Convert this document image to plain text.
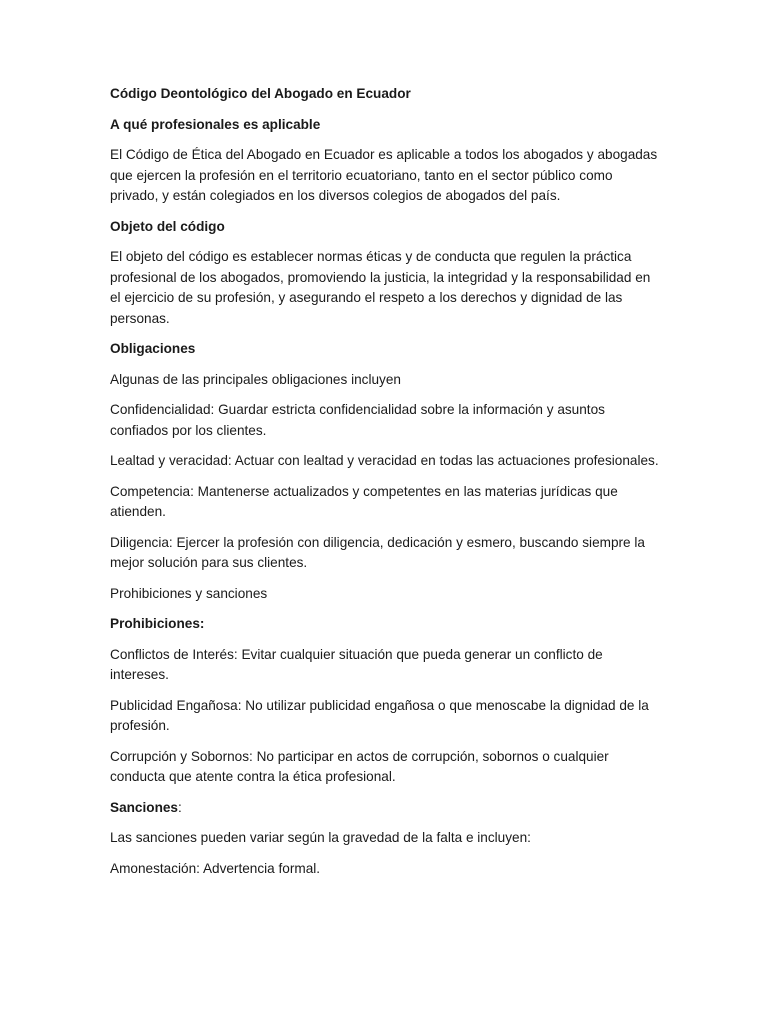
Código Deontológico del Abogado en Ecuador

A qué profesionales es aplicable

El Código de Ética del Abogado en Ecuador es aplicable a todos los abogados y abogadas que ejercen la profesión en el territorio ecuatoriano, tanto en el sector público como privado, y están colegiados en los diversos colegios de abogados del país.

Objeto del código

El objeto del código es establecer normas éticas y de conducta que regulen la práctica profesional de los abogados, promoviendo la justicia, la integridad y la responsabilidad en el ejercicio de su profesión, y asegurando el respeto a los derechos y dignidad de las personas.

Obligaciones

Algunas de las principales obligaciones incluyen

Confidencialidad: Guardar estricta confidencialidad sobre la información y asuntos confiados por los clientes.

Lealtad y veracidad: Actuar con lealtad y veracidad en todas las actuaciones profesionales.

Competencia: Mantenerse actualizados y competentes en las materias jurídicas que atienden.

Diligencia: Ejercer la profesión con diligencia, dedicación y esmero, buscando siempre la mejor solución para sus clientes.

Prohibiciones y sanciones

Prohibiciones:

Conflictos de Interés: Evitar cualquier situación que pueda generar un conflicto de intereses.

Publicidad Engañosa: No utilizar publicidad engañosa o que menoscabe la dignidad de la profesión.

Corrupción y Sobornos: No participar en actos de corrupción, sobornos o cualquier conducta que atente contra la ética profesional.

Sanciones:

Las sanciones pueden variar según la gravedad de la falta e incluyen:

Amonestación: Advertencia formal.
